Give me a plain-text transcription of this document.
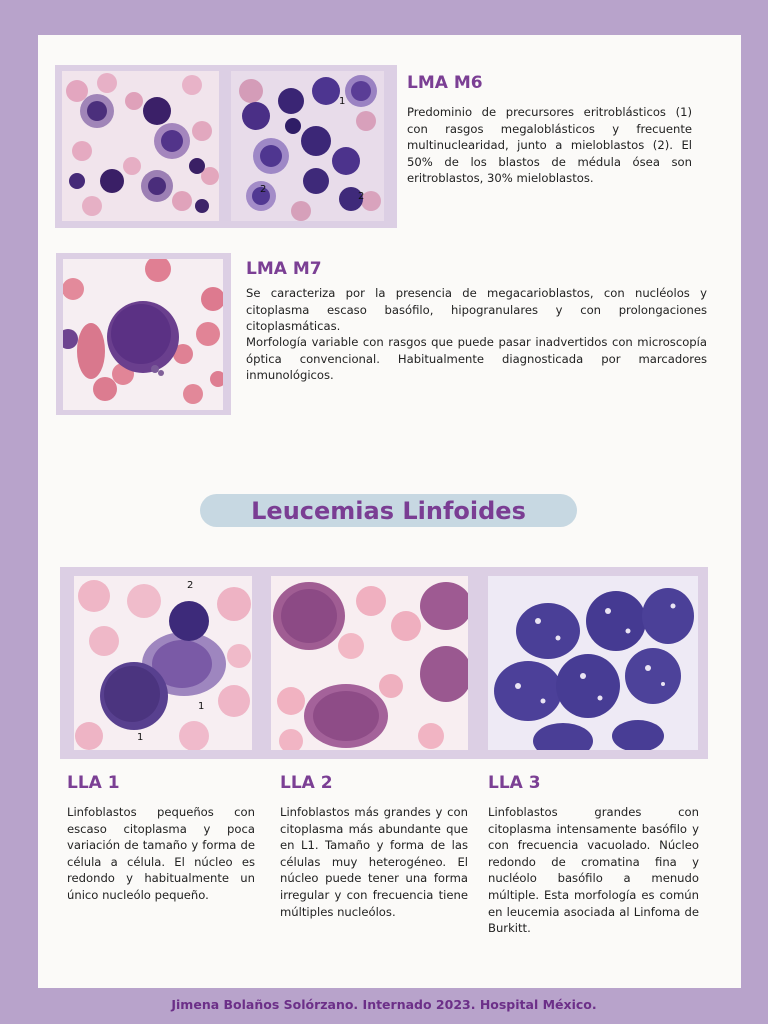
1
2
2
LMA M6

Predominio de precursores eritroblásticos (1) con rasgos megaloblásticos y frecuente multinuclearidad, junto a mieloblastos (2). El 50% de los blastos de médula ósea son eritroblastos, 30% mieloblastos.

LMA M7

Se caracteriza por la presencia de megacarioblastos, con nucléolos y citoplasma escaso basófilo, hipogranulares y con prolongaciones citoplasmáticas.

Morfología variable con rasgos que puede pasar inadvertidos con microscopía óptica convencional. Habitualmente diagnosticada por marcadores inmunológicos.

Leucemias Linfoides
2
1
1
LLA 1

Linfoblastos pequeños con escaso citoplasma y poca variación de tamaño y forma de célula a célula. El núcleo es redondo y habitualmente un único nucleólo pequeño.

LLA 2

Linfoblastos más grandes y con citoplasma más abundante que en L1. Tamaño y forma de las células muy heterogéneo. El núcleo puede tener una forma irregular y con frecuencia tiene múltiples nucleólos.

LLA 3

Linfoblastos grandes con citoplasma intensamente basófilo y con frecuencia vacuolado. Núcleo redondo de cromatina fina y nucléolo basófilo a menudo múltiple. Esta morfología es común en leucemia asociada al Linfoma de Burkitt.

Jimena Bolaños Solórzano. Internado 2023. Hospital México.
